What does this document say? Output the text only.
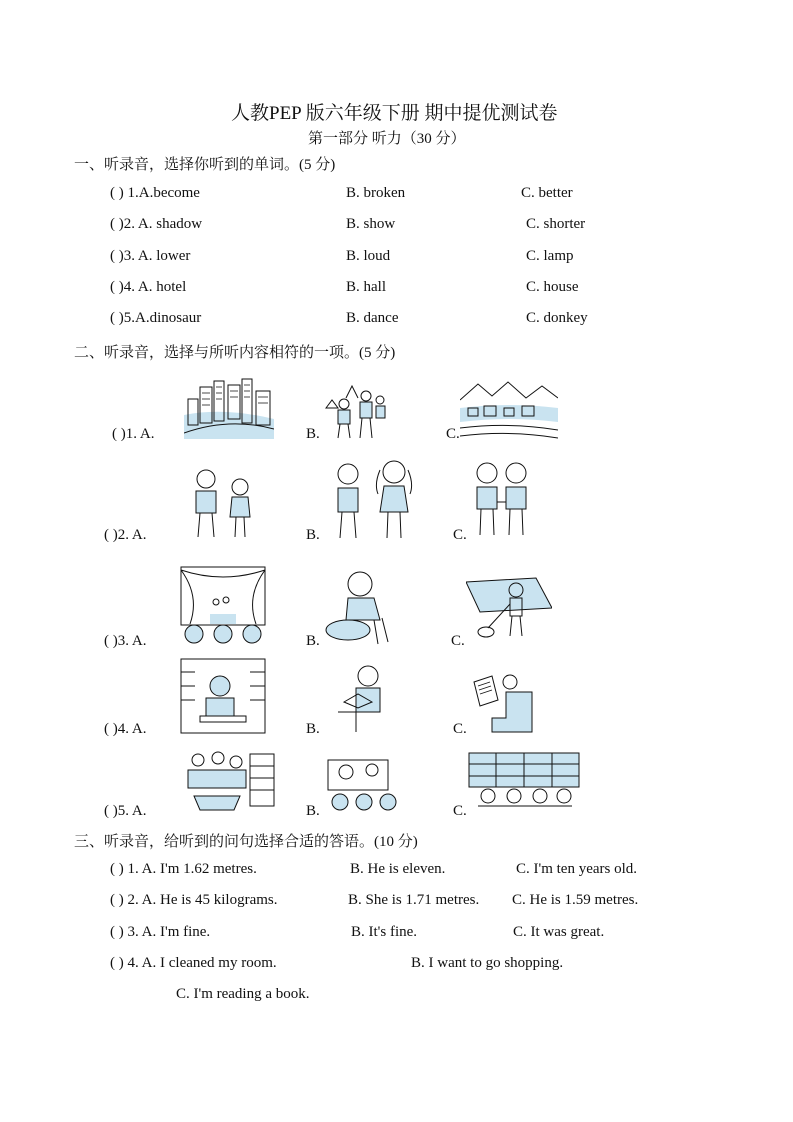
人教PEP 版六年级下册 期中提优测试卷
第一部分 听力（30 分）
一、听录音，选择你听到的单词。(5 分)
( ) 1.A.become	B. broken	C. better
( )2. A. shadow	B. show	C. shorter
( )3. A. lower	B. loud	C. lamp
( )4. A. hotel	B. hall	C. house
( )5.A.dinosaur	B. dance	C. donkey
二、听录音，选择与所听内容相符的一项。(5 分)
( )1. A.	B.	C.
( )2. A.	B.	C.
( )3. A.	B.	C.
( )4. A.	B.	C.
( )5. A.	B.	C.
三、听录音，给听到的问句选择合适的答语。(10 分)
( ) 1. A. I'm 1.62 metres.	B. He is eleven.	C. I'm ten years old.
( ) 2. A. He is 45 kilograms.	B. She is 1.71 metres. C. He is 1.59 metres.
( ) 3. A. I'm fine.	B. It's fine.	C. It was great.
( ) 4. A. I cleaned my room.	B. I want to go shopping.
C. I'm reading a book.
